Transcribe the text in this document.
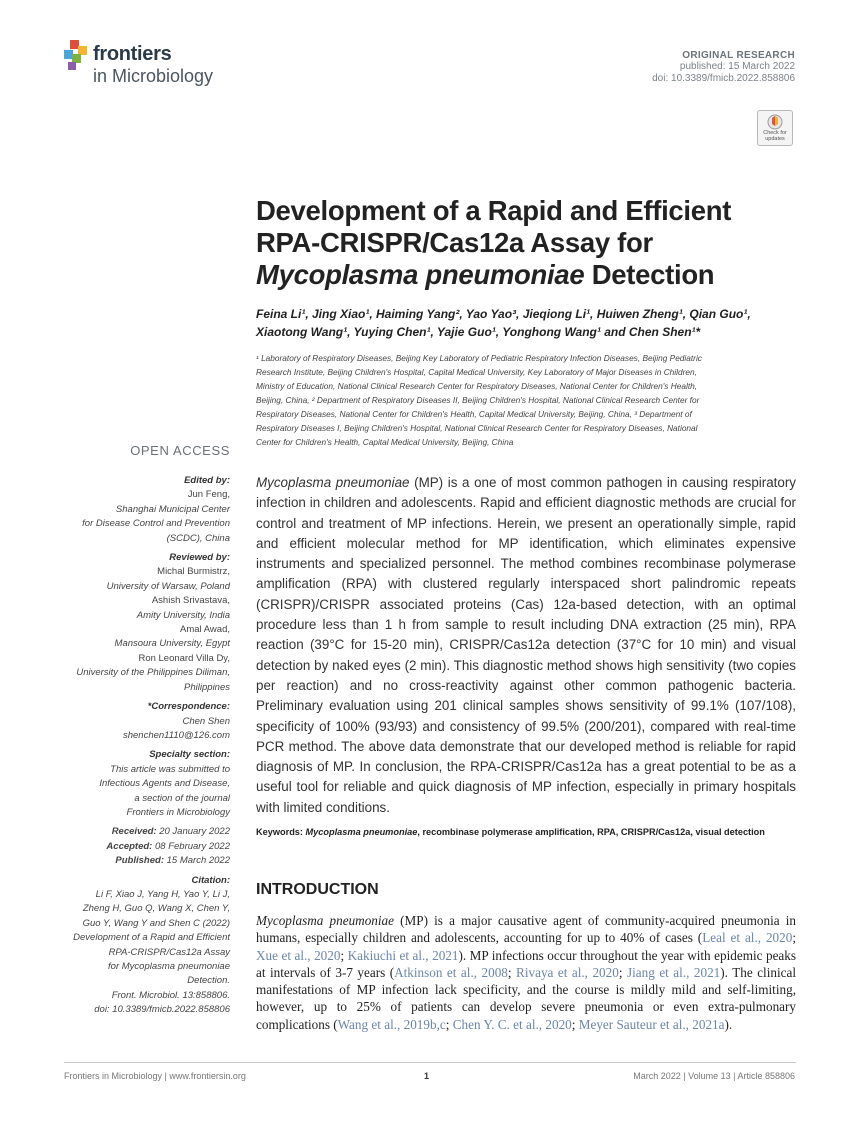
frontiers
in Microbiology
ORIGINAL RESEARCH
published: 15 March 2022
doi: 10.3389/fmicb.2022.858806
Check for
updates
Development of a Rapid and Efficient
RPA-CRISPR/Cas12a Assay for
Mycoplasma pneumoniae Detection
Feina Li¹, Jing Xiao¹, Haiming Yang², Yao Yao³, Jieqiong Li¹, Huiwen Zheng¹, Qian Guo¹,
Xiaotong Wang¹, Yuying Chen¹, Yajie Guo¹, Yonghong Wang¹ and Chen Shen¹*
¹ Laboratory of Respiratory Diseases, Beijing Key Laboratory of Pediatric Respiratory Infection Diseases, Beijing Pediatric
Research Institute, Beijing Children's Hospital, Capital Medical University, Key Laboratory of Major Diseases in Children,
Ministry of Education, National Clinical Research Center for Respiratory Diseases, National Center for Children's Health,
Beijing, China, ² Department of Respiratory Diseases II, Beijing Children's Hospital, National Clinical Research Center for
Respiratory Diseases, National Center for Children's Health, Capital Medical University, Beijing, China, ³ Department of
Respiratory Diseases I, Beijing Children's Hospital, National Clinical Research Center for Respiratory Diseases, National
Center for Children's Health, Capital Medical University, Beijing, China
OPEN ACCESS
Edited by:
Jun Feng,
Shanghai Municipal Center
for Disease Control and Prevention
(SCDC), China
Reviewed by:
Michal Burmistrz,
University of Warsaw, Poland
Ashish Srivastava,
Amity University, India
Amal Awad,
Mansoura University, Egypt
Ron Leonard Villa Dy,
University of the Philippines Diliman,
Philippines
*Correspondence:
Chen Shen
shenchen1110@126.com
Specialty section:
This article was submitted to
Infectious Agents and Disease,
a section of the journal
Frontiers in Microbiology
Received: 20 January 2022
Accepted: 08 February 2022
Published: 15 March 2022
Citation:
Li F, Xiao J, Yang H, Yao Y, Li J,
Zheng H, Guo Q, Wang X, Chen Y,
Guo Y, Wang Y and Shen C (2022)
Development of a Rapid and Efficient
RPA-CRISPR/Cas12a Assay
for Mycoplasma pneumoniae
Detection.
Front. Microbiol. 13:858806.
doi: 10.3389/fmicb.2022.858806
Mycoplasma pneumoniae (MP) is a one of most common pathogen in causing respiratory infection in children and adolescents. Rapid and efficient diagnostic methods are crucial for control and treatment of MP infections. Herein, we present an operationally simple, rapid and efficient molecular method for MP identification, which eliminates expensive instruments and specialized personnel. The method combines recombinase polymerase amplification (RPA) with clustered regularly interspaced short palindromic repeats (CRISPR)/CRISPR associated proteins (Cas) 12a-based detection, with an optimal procedure less than 1 h from sample to result including DNA extraction (25 min), RPA reaction (39°C for 15-20 min), CRISPR/Cas12a detection (37°C for 10 min) and visual detection by naked eyes (2 min). This diagnostic method shows high sensitivity (two copies per reaction) and no cross-reactivity against other common pathogenic bacteria. Preliminary evaluation using 201 clinical samples shows sensitivity of 99.1% (107/108), specificity of 100% (93/93) and consistency of 99.5% (200/201), compared with real-time PCR method. The above data demonstrate that our developed method is reliable for rapid diagnosis of MP. In conclusion, the RPA-CRISPR/Cas12a has a great potential to be as a useful tool for reliable and quick diagnosis of MP infection, especially in primary hospitals with limited conditions.
Keywords: Mycoplasma pneumoniae, recombinase polymerase amplification, RPA, CRISPR/Cas12a, visual detection
INTRODUCTION
Mycoplasma pneumoniae (MP) is a major causative agent of community-acquired pneumonia in humans, especially children and adolescents, accounting for up to 40% of cases (Leal et al., 2020; Xue et al., 2020; Kakiuchi et al., 2021). MP infections occur throughout the year with epidemic peaks at intervals of 3-7 years (Atkinson et al., 2008; Rivaya et al., 2020; Jiang et al., 2021). The clinical manifestations of MP infection lack specificity, and the course is mildly mild and self-limiting, however, up to 25% of patients can develop severe pneumonia or even extra-pulmonary complications (Wang et al., 2019b,c; Chen Y. C. et al., 2020; Meyer Sauteur et al., 2021a).
Frontiers in Microbiology | www.frontiersin.org	1	March 2022 | Volume 13 | Article 858806
